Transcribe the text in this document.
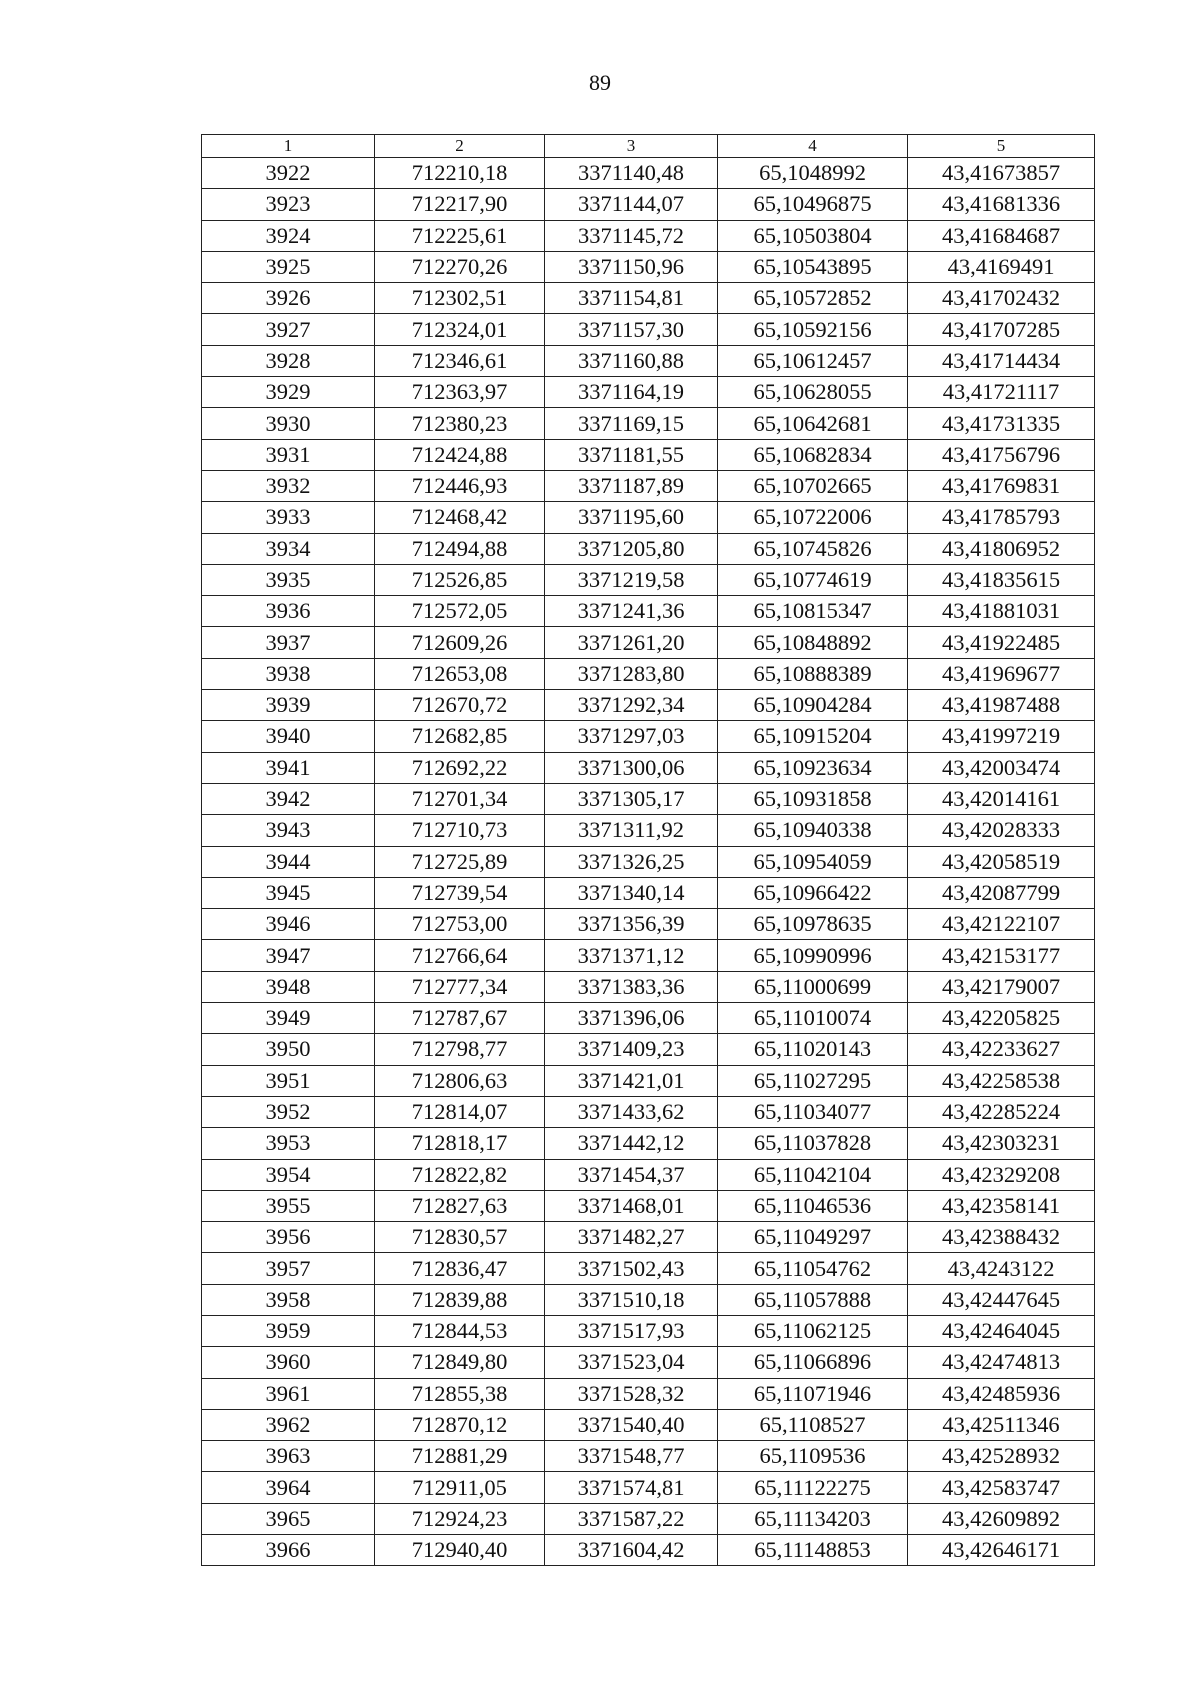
89
1	2	3	4	5
3922	712210,18	3371140,48	65,1048992	43,41673857
3923	712217,90	3371144,07	65,10496875	43,41681336
3924	712225,61	3371145,72	65,10503804	43,41684687
3925	712270,26	3371150,96	65,10543895	43,4169491
3926	712302,51	3371154,81	65,10572852	43,41702432
3927	712324,01	3371157,30	65,10592156	43,41707285
3928	712346,61	3371160,88	65,10612457	43,41714434
3929	712363,97	3371164,19	65,10628055	43,41721117
3930	712380,23	3371169,15	65,10642681	43,41731335
3931	712424,88	3371181,55	65,10682834	43,41756796
3932	712446,93	3371187,89	65,10702665	43,41769831
3933	712468,42	3371195,60	65,10722006	43,41785793
3934	712494,88	3371205,80	65,10745826	43,41806952
3935	712526,85	3371219,58	65,10774619	43,41835615
3936	712572,05	3371241,36	65,10815347	43,41881031
3937	712609,26	3371261,20	65,10848892	43,41922485
3938	712653,08	3371283,80	65,10888389	43,41969677
3939	712670,72	3371292,34	65,10904284	43,41987488
3940	712682,85	3371297,03	65,10915204	43,41997219
3941	712692,22	3371300,06	65,10923634	43,42003474
3942	712701,34	3371305,17	65,10931858	43,42014161
3943	712710,73	3371311,92	65,10940338	43,42028333
3944	712725,89	3371326,25	65,10954059	43,42058519
3945	712739,54	3371340,14	65,10966422	43,42087799
3946	712753,00	3371356,39	65,10978635	43,42122107
3947	712766,64	3371371,12	65,10990996	43,42153177
3948	712777,34	3371383,36	65,11000699	43,42179007
3949	712787,67	3371396,06	65,11010074	43,42205825
3950	712798,77	3371409,23	65,11020143	43,42233627
3951	712806,63	3371421,01	65,11027295	43,42258538
3952	712814,07	3371433,62	65,11034077	43,42285224
3953	712818,17	3371442,12	65,11037828	43,42303231
3954	712822,82	3371454,37	65,11042104	43,42329208
3955	712827,63	3371468,01	65,11046536	43,42358141
3956	712830,57	3371482,27	65,11049297	43,42388432
3957	712836,47	3371502,43	65,11054762	43,4243122
3958	712839,88	3371510,18	65,11057888	43,42447645
3959	712844,53	3371517,93	65,11062125	43,42464045
3960	712849,80	3371523,04	65,11066896	43,42474813
3961	712855,38	3371528,32	65,11071946	43,42485936
3962	712870,12	3371540,40	65,1108527	43,42511346
3963	712881,29	3371548,77	65,1109536	43,42528932
3964	712911,05	3371574,81	65,11122275	43,42583747
3965	712924,23	3371587,22	65,11134203	43,42609892
3966	712940,40	3371604,42	65,11148853	43,42646171
